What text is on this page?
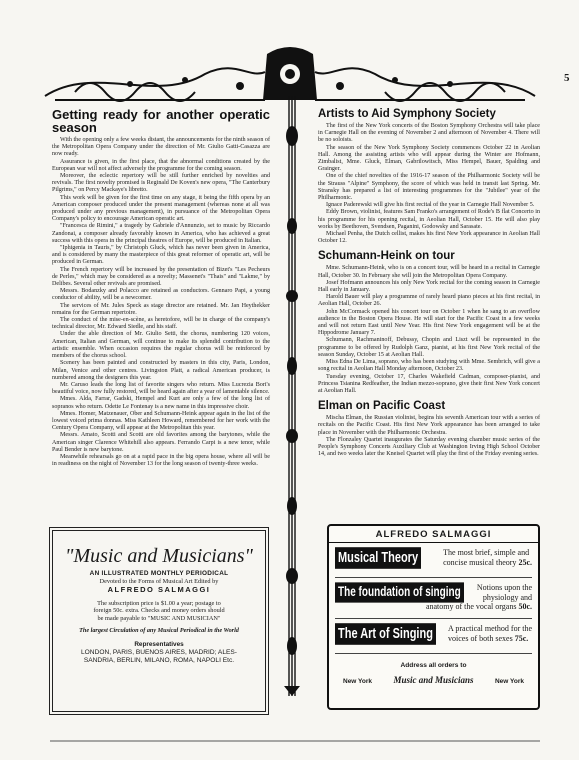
5
Getting ready for another operatic season

With the opening only a few weeks distant, the announcements for the ninth season of the Metropolitan Opera Company under the direction of Mr. Giulio Gatti-Casazza are now ready.

Assurance is given, in the first place, that the abnormal conditions created by the European war will not affect adversely the programme for the coming season.

Moreover, the eclectic repertory will be still further enriched by novelties and revivals. The first novelty promised is Reginald De Koven's new opera, "The Canterbury Pilgrims," on Percy Mackaye's libretto.

This work will be given for the first time on any stage, it being the fifth opera by an American composer produced under the present management (whereas none at all was produced under any previous management), in pursuance of the Metropolitan Opera Company's policy to encourage American operatic art.

"Francesca de Rimini," a tragedy by Gabriele d'Annunzio, set to music by Riccardo Zandonai, a composer already favorably known in America, who has achieved a great success with this opera in the principal theatres of Europe, will be produced in Italian.

"Iphigenia in Tauris," by Christoph Gluck, which has never been given in America, and is considered by many the masterpiece of this great reformer of operatic art, will be produced in German.

The French repertory will be increased by the presentation of Bizet's "Les Pecheurs de Perles," which may be considered as a novelty; Massenet's "Thais" and "Lakme," by Delibes. Several other revivals are promised.

Messrs. Bodanzky and Polacco are retained as conductors. Gennaro Papi, a young conductor of ability, will be a newcomer.

The services of Mr. Jules Speck as stage director are retained. Mr. Jan Heythekker remains for the German repertoire.

The conduct of the mise-en-scène, as heretofore, will be in charge of the company's technical director, Mr. Edward Siedle, and his staff.

Under the able direction of Mr. Giulio Setti, the chorus, numbering 120 voices, American, Italian and German, will continue to make its splendid contribution to the artistic ensemble. When occasion requires the regular chorus will be reinforced by members of the chorus school.

Scenery has been painted and constructed by masters in this city, Paris, London, Milan, Venice and other centres. Livingston Platt, a radical American producer, is numbered among the designers this year.

Mr. Caruso leads the long list of favorite singers who return. Miss Lucrezia Bori's beautiful voice, now fully restored, will be heard again after a year of lamentable silence.

Mmes. Alda, Farrar, Gadski, Hempel and Kurt are only a few of the long list of sopranos who return. Odette Le Fontenay is a new name in this impressive choir.

Mmes. Homer, Matzenauer, Ober and Schumann-Heink appear again in the list of the lowest voiced prima donnas. Miss Kathleen Howard, remembered for her work with the Century Opera Company, will appear at the Metropolitan this year.

Messrs. Amato, Scotti and Scotti are old favorites among the barytones, while the American singer Clarence Whitehill also appears. Ferrando Carpi is a new tenor, while Paul Bender is new barytone.

Meanwhile rehearsals go on at a rapid pace in the big opera house, where all will be in readiness on the night of November 13 for the long season of twenty-three weeks.

Artists to Aid Symphony Society

The first of the New York concerts of the Boston Symphony Orchestra will take place in Carnegie Hall on the evening of November 2 and afternoon of November 4. There will be no soloists.

The season of the New York Symphony Society commences October 22 in Aeolian Hall. Among the assisting artists who will appear during the Winter are Hofmann, Zimbalist, Mme. Gluck, Elman, Gabrilowitsch, Miss Hempel, Bauer, Spalding and Grainger.

One of the chief novelties of the 1916-17 season of the Philharmonic Society will be the Strauss "Alpine" Symphony, the score of which was held in transit last Spring. Mr. Stransky has prepared a list of interesting programmes for the "Jubilee" year of the Philharmonic.

Ignace Paderewski will give his first recital of the year in Carnegie Hall November 5.

Eddy Brown, violinist, features Sam Franko's arrangement of Rode's B flat Concerto in his programme for his opening recital, in Aeolian Hall, October 15. He will also play works by Beethoven, Svendsen, Paganini, Godowsky and Sarasate.

Michael Penha, the Dutch cellist, makes his first New York appearance in Aeolian Hall October 12.

Schumann-Heink on tour

Mme. Schumann-Heink, who is on a concert tour, will be heard in a recital in Carnegie Hall, October 30. In February she will join the Metropolitan Opera Company.

Josef Hofmann announces his only New York recital for the coming season in Carnegie Hall early in January.

Harold Bauer will play a programme of rarely heard piano pieces at his first recital, in Aeolian Hall, October 26.

John McCormack opened his concert tour on October 1 when he sang to an overflow audience in the Boston Opera House. He will start for the Pacific Coast in a few weeks and will not return East until New Year. His first New York engagement will be at the Hippodrome January 7.

Schumann, Rachmaninoff, Debussy, Chopin and Liszt will be represented in the programme to be offered by Rudolph Ganz, pianist, at his first New York recital of the season Sunday, October 15 at Aeolian Hall.

Miss Edna De Lima, soprano, who has been studying with Mme. Sembrich, will give a song recital in Aeolian Hall Monday afternoon, October 23.

Tuesday evening, October 17, Charles Wakefield Cadman, composer-pianist, and Princess Tsianina Redfeather, the Indian mezzo-soprano, give their first New York concert at Aeolian Hall.

Elman on Pacific Coast

Mischa Elman, the Russian violinist, begins his seventh American tour with a series of recitals on the Pacific Coast. His first New York appearance has been arranged to take place in November with the Philharmonic Orchestra.

The Flonzaley Quartet inaugurates the Saturday evening chamber music series of the People's Symphony Concerts Auxiliary Club at Washington Irving High School October 14, and two weeks later the Kneisel Quartet will play the first of the Friday evening series.

"Music and Musicians"
AN ILLUSTRATED MONTHLY PERIODICAL
Devoted to the Forms of Musical Art Edited by
ALFREDO SALMAGGI
The subscription price is $1.00 a year; postage to
foreign 50c. extra. Checks and money orders should
be made payable to "MUSIC AND MUSICIAN"
The largest Circulation of any Musical Periodical in the World
Representatives
LONDON, PARIS, BUENOS AIRES, MADRID; ALES-
SANDRIA, BERLIN, MILANO, ROMA, NAPOLI Etc.
ALFREDO SALMAGGI
Musical Theory	The most brief, simple and
concise musical theory 25c.
The foundation of singing	Notions upon the
physiology and
anatomy of the vocal organs 50c.
The Art of Singing	A practical method for the
voices of both sexes 75c.
Address all orders to
New York Music and Musicians	New York
